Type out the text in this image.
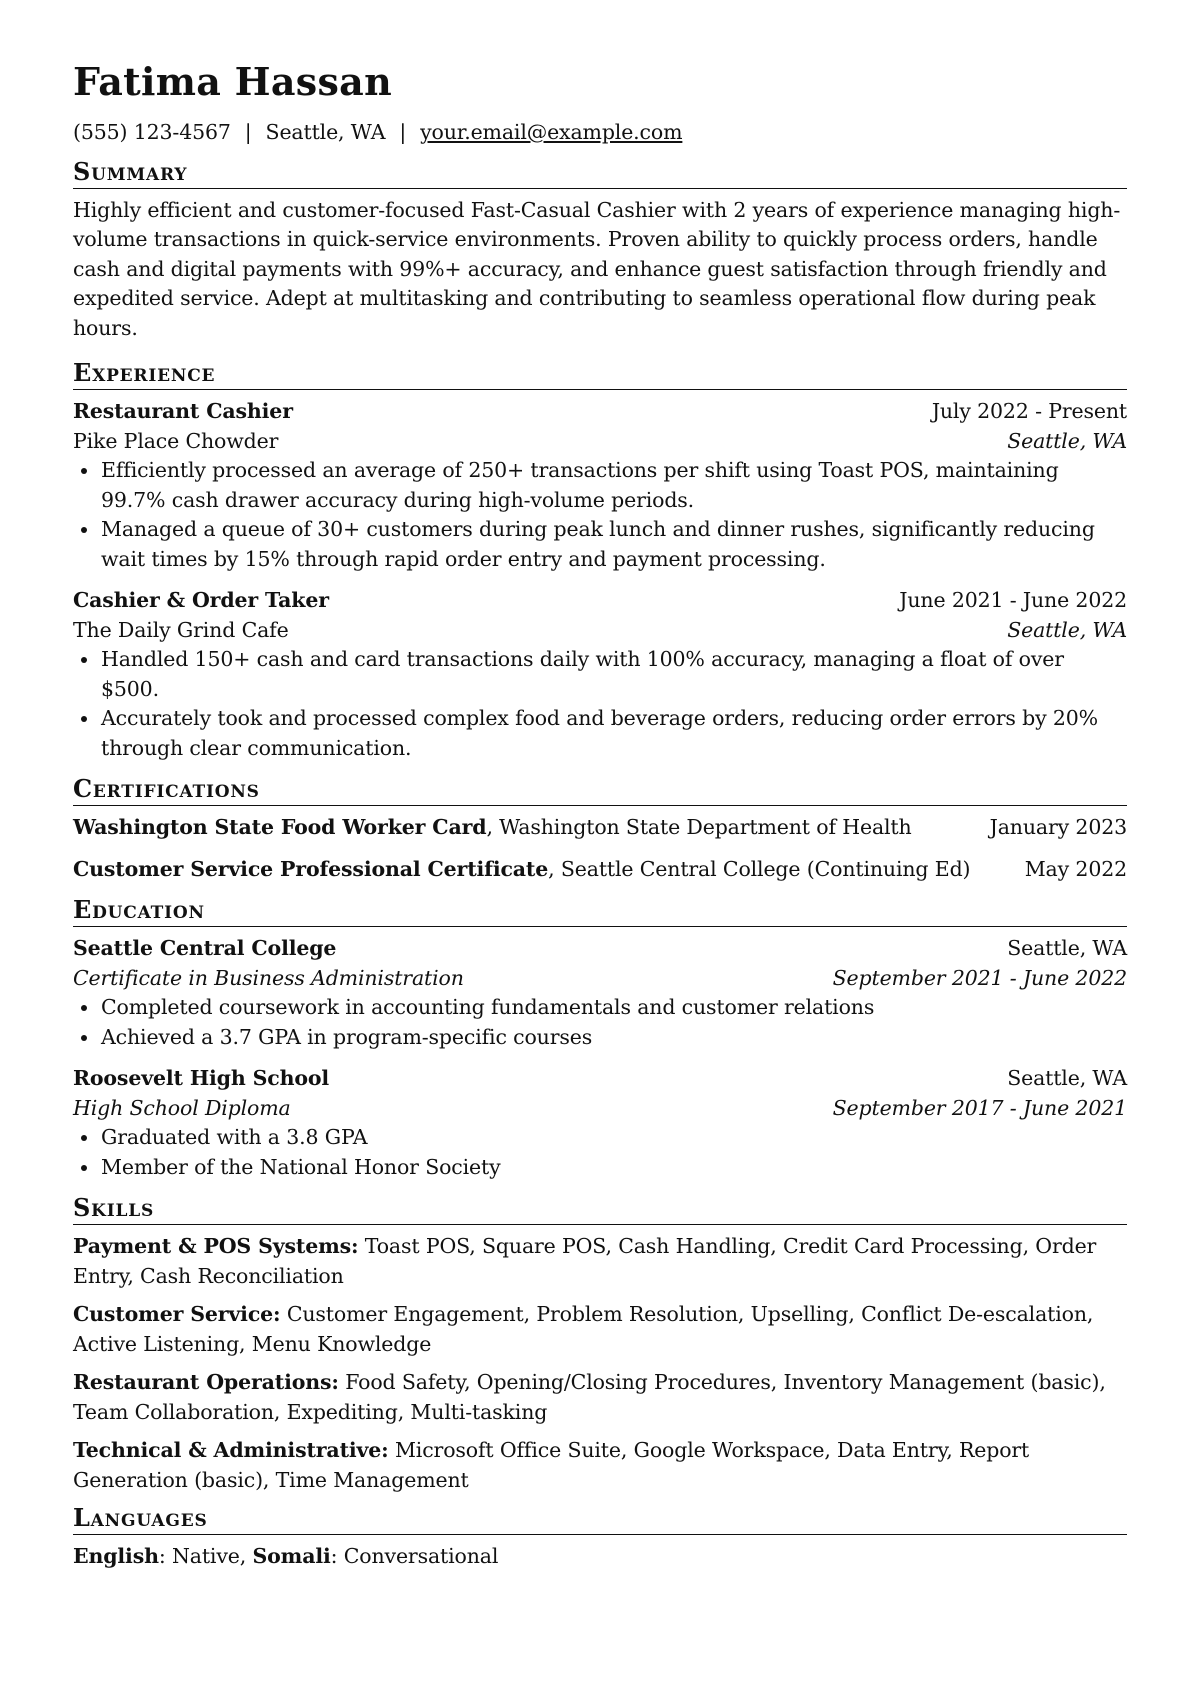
Fatima Hassan
(555) 123-4567 | Seattle, WA | your.email@example.com
Summary

Highly efficient and customer-focused Fast-Casual Cashier with 2 years of experience managing high-volume transactions in quick-service environments. Proven ability to quickly process orders, handle cash and digital payments with 99%+ accuracy, and enhance guest satisfaction through friendly and expedited service. Adept at multitasking and contributing to seamless operational flow during peak hours.

Experience
Restaurant Cashier	July 2022 - Present
Pike Place Chowder	Seattle, WA
Efficiently processed an average of 250+ transactions per shift using Toast POS, maintaining 99.7% cash drawer accuracy during high-volume periods.
Managed a queue of 30+ customers during peak lunch and dinner rushes, significantly reducing wait times by 15% through rapid order entry and payment processing.
Cashier & Order Taker	June 2021 - June 2022
The Daily Grind Cafe	Seattle, WA
Handled 150+ cash and card transactions daily with 100% accuracy, managing a float of over $500.
Accurately took and processed complex food and beverage orders, reducing order errors by 20% through clear communication.
Certifications
Washington State Food Worker Card, Washington State Department of Health	January 2023
Customer Service Professional Certificate, Seattle Central College (Continuing Ed)	May 2022
Education
Seattle Central College	Seattle, WA
Certificate in Business Administration	September 2021 - June 2022
Completed coursework in accounting fundamentals and customer relations
Achieved a 3.7 GPA in program-specific courses
Roosevelt High School	Seattle, WA
High School Diploma	September 2017 - June 2021
Graduated with a 3.8 GPA
Member of the National Honor Society
Skills
Payment & POS Systems: Toast POS, Square POS, Cash Handling, Credit Card Processing, Order Entry, Cash Reconciliation
Customer Service: Customer Engagement, Problem Resolution, Upselling, Conflict De-escalation, Active Listening, Menu Knowledge
Restaurant Operations: Food Safety, Opening/Closing Procedures, Inventory Management (basic), Team Collaboration, Expediting, Multi-tasking
Technical & Administrative: Microsoft Office Suite, Google Workspace, Data Entry, Report Generation (basic), Time Management
Languages
English: Native, Somali: Conversational
